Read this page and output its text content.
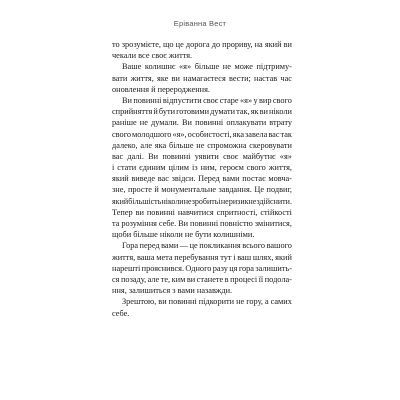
Еріванна Вест
то зрозумієте, що це дорога до прориву, на який ви
чекали все своє життя.
Ваше колишнє «я» більше не може підтриму-
вати життя, яке ви намагаєтеся вести; настав час
оновлення й переродження.
Ви повинні відпустити своє старе «я» у вир свого
сприйняття й бути готовими думати так, як ви ніколи
раніше не думали. Ви повинні оплакувати втрату
свого молодшого «я», особистості, яка завела вас так
далеко, але яка більше не спроможна скеровувати
вас далі. Ви повинні уявити своє майбутнє «я»
і стати єдиним цілим із ним, героєм свого життя,
який виведе вас звідси. Перед вами постає мовча-
зне, просте й монументальне завдання. Це подвиг,
який більшість ніколи не зробить і не ризикне здійснити.
Тепер ви повинні навчитися спритності, стійкості
та розуміння себе. Ви повинні повністю змінитися,
щоби більше ніколи не бути колишніми.
Гора перед вами — це покликання всього вашого
життя, ваша мета перебування тут і ваш шлях, який
нарешті прояснився. Одного разу ця гора залишить-
ся позаду, але те, ким ви станете в процесі її подола-
ння, залишиться з вами назавжди.
Зрештою, ви повинні підкорити не гору, а самих
себе.
